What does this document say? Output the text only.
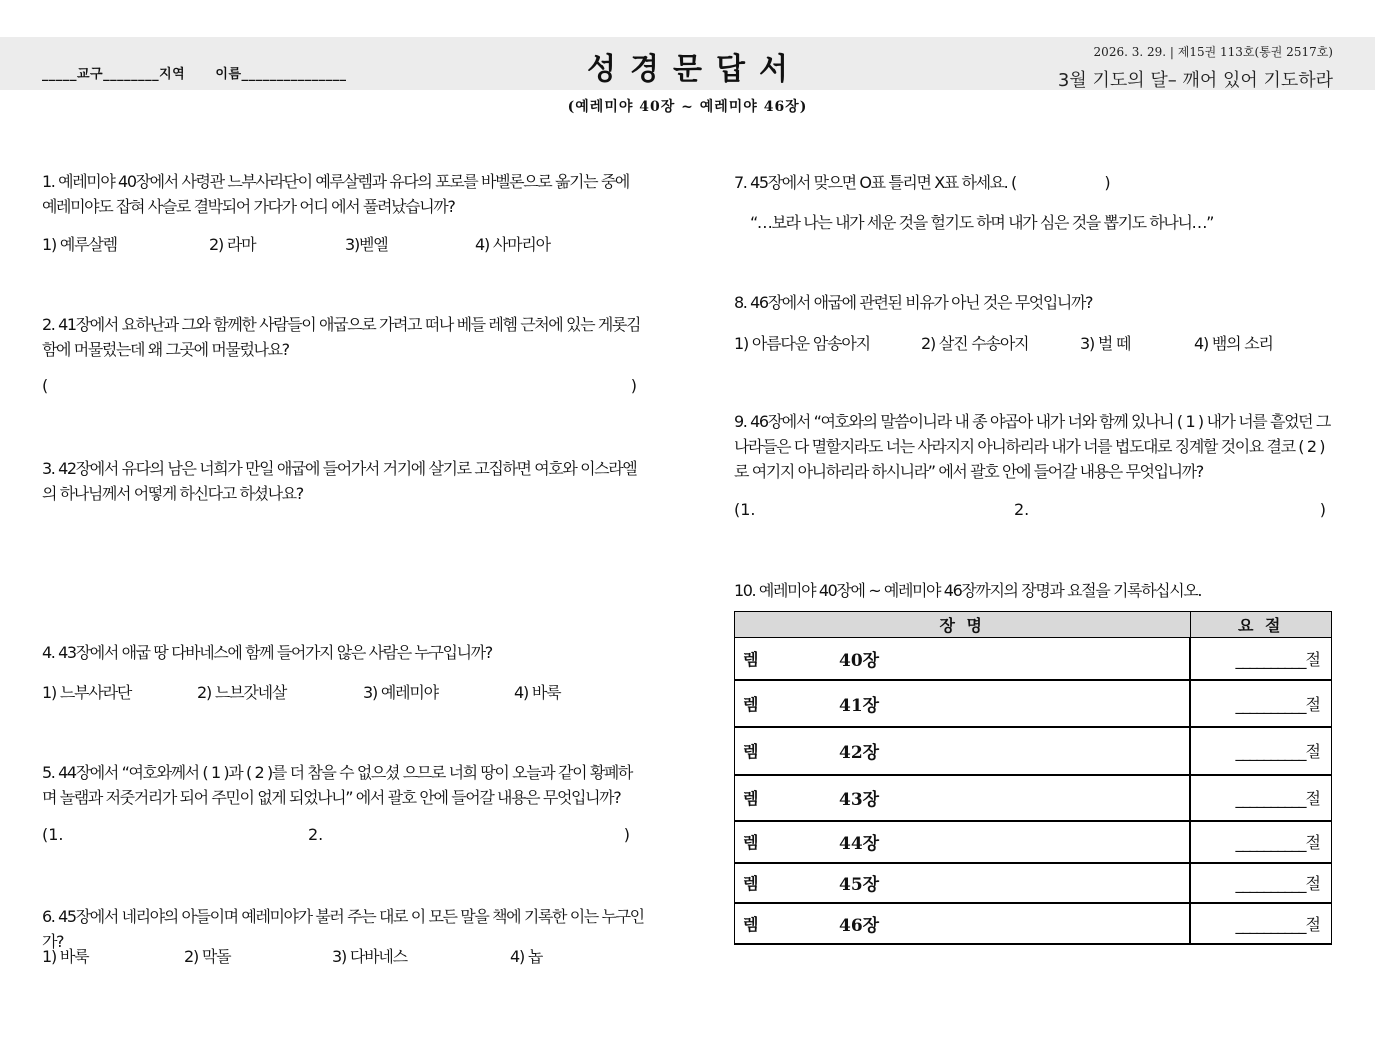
_____교구________지역      이름_______________	성경문답서	2026. 3. 29. | 제15권 113호(통권 2517호)
3월 기도의 달– 깨어 있어 기도하라
(예레미야 40장 ~ 예레미야 46장)
1. 예레미야 40장에서 사령관 느부사라단이 예루살렘과 유다의 포로를 바벨론으로 옮기는 중에 예레미야도 잡혀 사슬로 결박되어 가다가 어디 에서 풀려났습니까?
1) 예루살렘	2) 라마	3)벧엘	4) 사마리아
2. 41장에서 요하난과 그와 함께한 사람들이 애굽으로 가려고 떠나 베들 레헴 근처에 있는 게롯김함에 머물렀는데 왜 그곳에 머물렀나요?
(	)
3. 42장에서 유다의 남은 너희가 만일 애굽에 들어가서 거기에 살기로 고집하면 여호와 이스라엘의 하나님께서 어떻게 하신다고 하셨나요?
4. 43장에서 애굽 땅 다바네스에 함께 들어가지 않은 사람은 누구입니까?
1) 느부사라단	2) 느브갓네살	3) 예레미야	4) 바룩
5. 44장에서 “여호와께서 ( 1 )과 ( 2 )를 더 참을 수 없으셨 으므로 너희 땅이 오늘과 같이 황폐하며 놀램과 저줏거리가 되어 주민이 없게 되었나니” 에서 괄호 안에 들어갈 내용은 무엇입니까?
(1.	2.	)
6. 45장에서 네리야의 아들이며 예레미야가 불러 주는 대로 이 모든 말을 책에 기록한 이는 누구인가?
1) 바룩	2) 막돌	3) 다바네스	4) 놉
7. 45장에서 맞으면 O표 틀리면 X표 하세요. (                        )
“…보라 나는 내가 세운 것을 헐기도 하며 내가 심은 것을 뽑기도 하나니…”
8. 46장에서 애굽에 관련된 비유가 아닌 것은 무엇입니까?
1) 아름다운 암송아지	2) 살진 수송아지	3) 벌 떼	4) 뱀의 소리
9. 46장에서 “여호와의 말씀이니라 내 종 야곱아 내가 너와 함께 있나니 ( 1 ) 내가 너를 흩었던 그 나라들은 다 멸할지라도 너는 사라지지 아니하리라 내가 너를 법도대로 징계할 것이요 결코 ( 2 ) 로 여기지 아니하리라 하시니라” 에서 괄호 안에 들어갈 내용은 무엇입니까?
(1.	2.	)
10. 예레미야 40장에 ~ 예레미야 46장까지의 장명과 요절을 기록하십시오.
장 명		요 절
렘	40장	__________절
렘	41장	__________절
렘	42장	__________절
렘	43장	__________절
렘	44장	__________절
렘	45장	__________절
렘	46장	__________절
